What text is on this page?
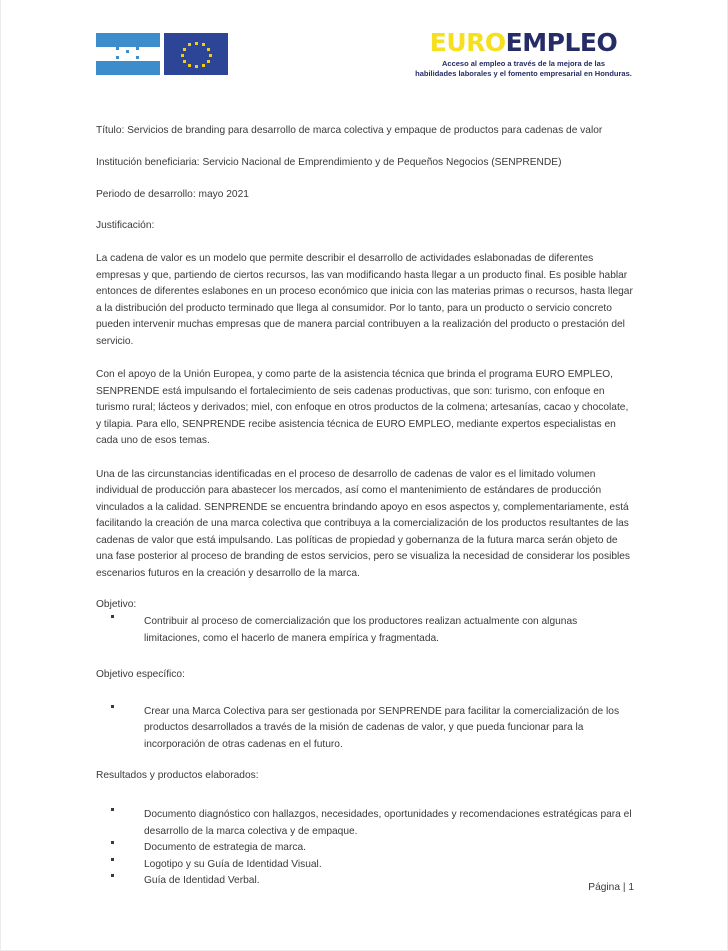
EUROEMPLEO
Acceso al empleo a través de la mejora de las
habilidades laborales y el fomento empresarial en Honduras.

Título: Servicios de branding para desarrollo de marca colectiva y empaque de productos para cadenas de valor

Institución beneficiaria: Servicio Nacional de Emprendimiento y de Pequeños Negocios (SENPRENDE)

Periodo de desarrollo: mayo 2021

Justificación:

La cadena de valor es un modelo que permite describir el desarrollo de actividades eslabonadas de diferentes empresas y que, partiendo de ciertos recursos, las van modificando hasta llegar a un producto final. Es posible hablar entonces de diferentes eslabones en un proceso económico que inicia con las materias primas o recursos, hasta llegar a la distribución del producto terminado que llega al consumidor. Por lo tanto, para un producto o servicio concreto pueden intervenir muchas empresas que de manera parcial contribuyen a la realización del producto o prestación del servicio.

Con el apoyo de la Unión Europea, y como parte de la asistencia técnica que brinda el programa EURO EMPLEO, SENPRENDE está impulsando el fortalecimiento de seis cadenas productivas, que son: turismo, con enfoque en turismo rural; lácteos y derivados; miel, con enfoque en otros productos de la colmena; artesanías, cacao y chocolate, y tilapia. Para ello, SENPRENDE recibe asistencia técnica de EURO EMPLEO, mediante expertos especialistas en cada uno de esos temas.

Una de las circunstancias identificadas en el proceso de desarrollo de cadenas de valor es el limitado volumen individual de producción para abastecer los mercados, así como el mantenimiento de estándares de producción vinculados a la calidad. SENPRENDE se encuentra brindando apoyo en esos aspectos y, complementariamente, está facilitando la creación de una marca colectiva que contribuya a la comercialización de los productos resultantes de las cadenas de valor que está impulsando. Las políticas de propiedad y gobernanza de la futura marca serán objeto de una fase posterior al proceso de branding de estos servicios, pero se visualiza la necesidad de considerar los posibles escenarios futuros en la creación y desarrollo de la marca.

Objetivo:

Contribuir al proceso de comercialización que los productores realizan actualmente con algunas limitaciones, como el hacerlo de manera empírica y fragmentada.

Objetivo específico:

Crear una Marca Colectiva para ser gestionada por SENPRENDE para facilitar la comercialización de los productos desarrollados a través de la misión de cadenas de valor, y que pueda funcionar para la incorporación de otras cadenas en el futuro.

Resultados y productos elaborados:

Documento diagnóstico con hallazgos, necesidades, oportunidades y recomendaciones estratégicas para el desarrollo de la marca colectiva y de empaque.
Documento de estrategia de marca.
Logotipo y su Guía de Identidad Visual.
Guía de Identidad Verbal.
Página | 1
